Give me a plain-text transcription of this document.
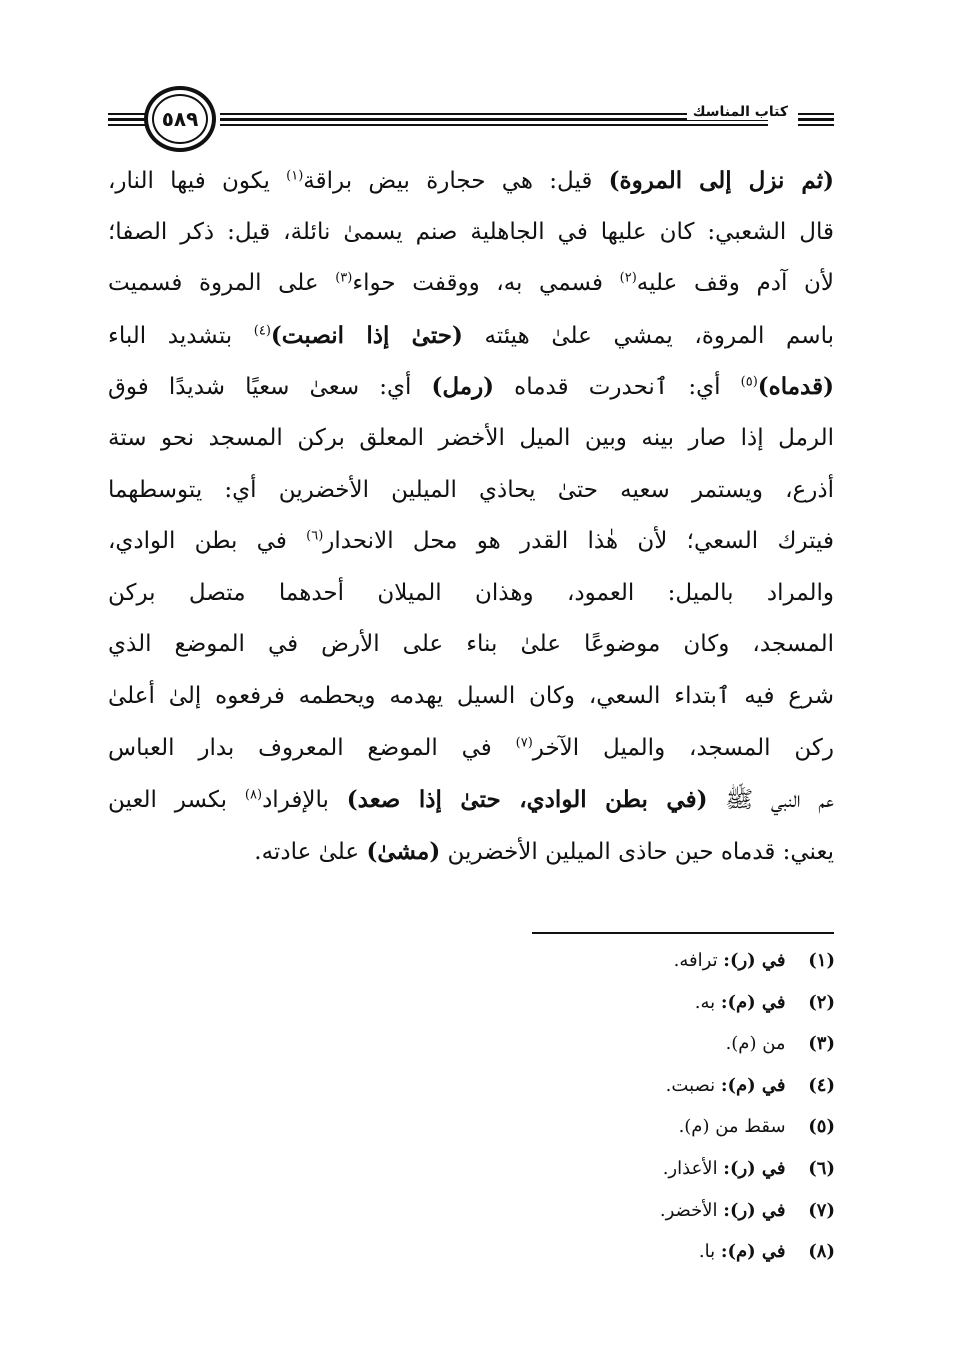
٥٨٩	كتاب المناسك
(ثم نزل إلى المروة) قيل: هي حجارة بيض براقة$^{(١)}$ يكون فيها النار،
قال الشعبي: كان عليها في الجاهلية صنم يسمىٰ نائلة، قيل: ذكر الصفا؛
لأن آدم وقف عليه$^{(٢)}$ فسمي به، ووقفت حواء$^{(٣)}$ على المروة فسميت
باسم المروة، يمشي علىٰ هيئته (حتىٰ إذا انصبت)$^{(٤)}$ بتشديد الباء
(قدماه)$^{(٥)}$ أي: ٱنحدرت قدماه (رمل) أي: سعىٰ سعيًا شديدًا فوق
الرمل إذا صار بينه وبين الميل الأخضر المعلق بركن المسجد نحو ستة
أذرع، ويستمر سعيه حتىٰ يحاذي الميلين الأخضرين أي: يتوسطهما
فيترك السعي؛ لأن هٰذا القدر هو محل الانحدار$^{(٦)}$ في بطن الوادي،
والمراد بالميل: العمود، وهذان الميلان أحدهما متصل بركن
المسجد، وكان موضوعًا علىٰ بناء على الأرض في الموضع الذي
شرع فيه ٱبتداء السعي، وكان السيل يهدمه ويحطمه فرفعوه إلىٰ أعلىٰ
ركن المسجد، والميل الآخر$^{(٧)}$ في الموضع المعروف بدار العباس
عم النبي ﷺ (في بطن الوادي، حتىٰ إذا صعد) بالإفراد$^{(٨)}$ بكسر العين
يعني: قدماه حين حاذى الميلين الأخضرين (مشىٰ) علىٰ عادته.
(١)  في (ر): ترافه.
(٢)  في (م): به.
(٣)  من (م).
(٤)  في (م): نصبت.
(٥)  سقط من (م).
(٦)  في (ر): الأعذار.
(٧)  في (ر): الأخضر.
(٨)  في (م): با.
